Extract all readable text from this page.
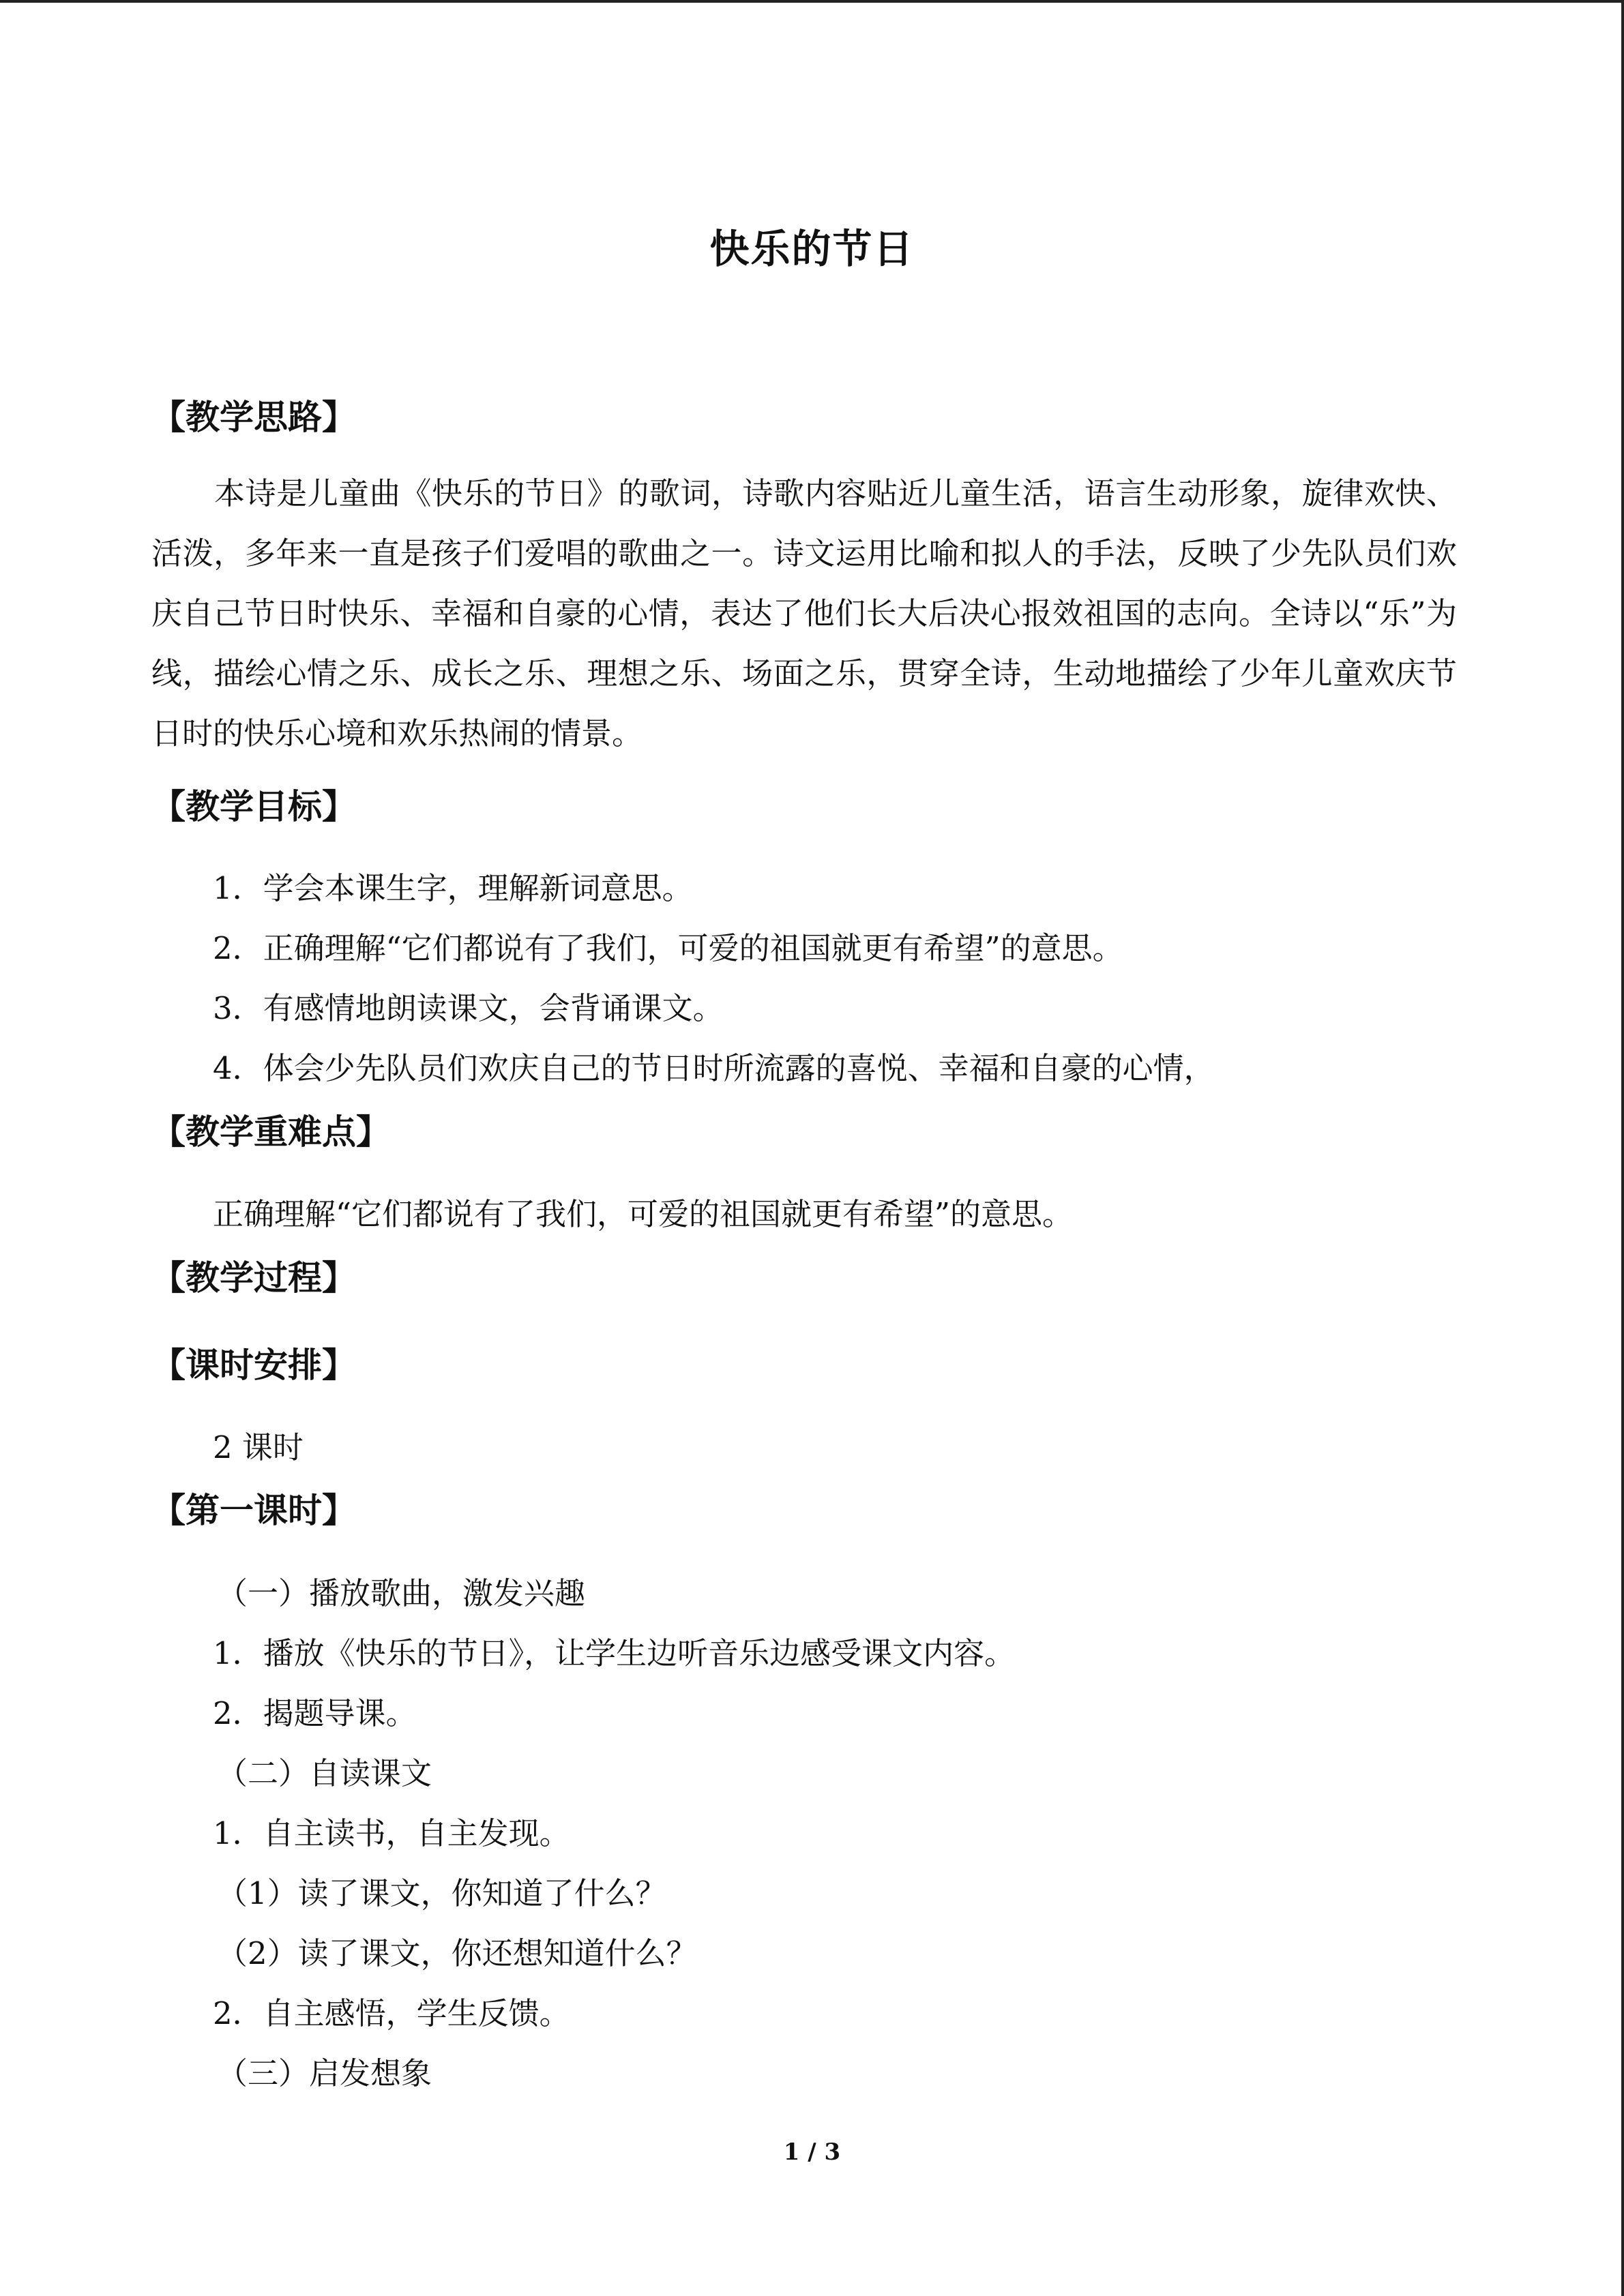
快乐的节日
【教学思路】
本诗是儿童曲《快乐的节日》的歌词，诗歌内容贴近儿童生活，语言生动形象，旋律欢快、活泼，多年来一直是孩子们爱唱的歌曲之一。诗文运用比喻和拟人的手法，反映了少先队员们欢庆自己节日时快乐、幸福和自豪的心情，表达了他们长大后决心报效祖国的志向。全诗以“乐”为线，描绘心情之乐、成长之乐、理想之乐、场面之乐，贯穿全诗，生动地描绘了少年儿童欢庆节日时的快乐心境和欢乐热闹的情景。
【教学目标】
1．学会本课生字，理解新词意思。
2．正确理解“它们都说有了我们，可爱的祖国就更有希望”的意思。
3．有感情地朗读课文，会背诵课文。
4．体会少先队员们欢庆自己的节日时所流露的喜悦、幸福和自豪的心情，
【教学重难点】
正确理解“它们都说有了我们，可爱的祖国就更有希望”的意思。
【教学过程】
【课时安排】
2 课时
【第一课时】
（一）播放歌曲，激发兴趣
1．播放《快乐的节日》，让学生边听音乐边感受课文内容。
2．揭题导课。
（二）自读课文
1．自主读书，自主发现。
（1）读了课文，你知道了什么？
（2）读了课文，你还想知道什么？
2．自主感悟，学生反馈。
（三）启发想象
1 / 3
